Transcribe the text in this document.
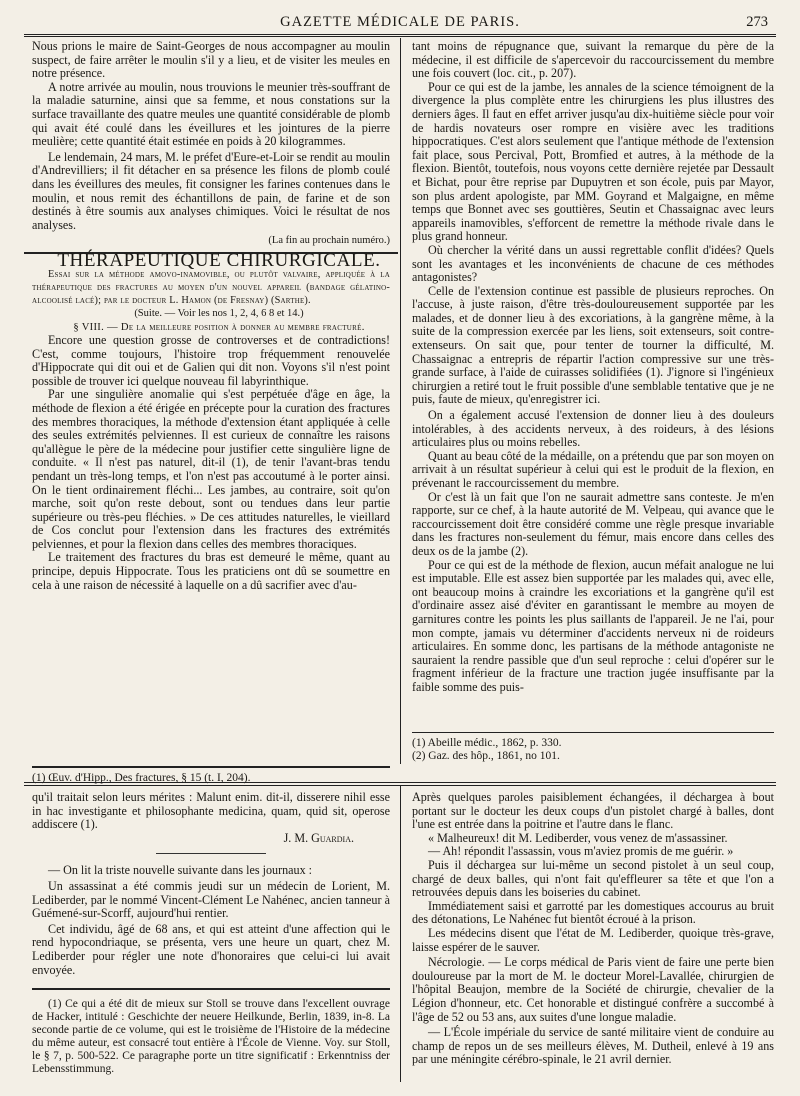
GAZETTE MÉDICALE DE PARIS.	273

Nous prions le maire de Saint-Georges de nous accompagner au moulin suspect, de faire arrêter le moulin s'il y a lieu, et de visiter les meules en notre présence.

A notre arrivée au moulin, nous trouvions le meunier très-souffrant de la maladie saturnine, ainsi que sa femme, et nous constations sur la surface travaillante des quatre meules une quantité considérable de plomb qui avait été coulé dans les éveillures et les jointures de la pierre meulière; cette quantité était estimée en poids à 20 kilogrammes.

Le lendemain, 24 mars, M. le préfet d'Eure-et-Loir se rendit au moulin d'Andrevilliers; il fit détacher en sa présence les filons de plomb coulé dans les éveillures des meules, fit consigner les farines contenues dans le moulin, et nous remit des échantillons de pain, de farine et de son destinés à être soumis aux analyses chimiques. Voici le résultat de nos analyses.

(La fin au prochain numéro.)

THÉRAPEUTIQUE CHIRURGICALE.

Essai sur la méthode amovo-inamovible, ou plutôt valvaire, appliquée à la thérapeutique des fractures au moyen d'un nouvel appareil (bandage gélatino-alcoolisé lacé); par le docteur L. Hamon (de Fresnay) (Sarthe).

(Suite. — Voir les nos 1, 2, 4, 6 8 et 14.)

§ VIII. — De la meilleure position à donner au membre fracturé.

Encore une question grosse de controverses et de contradictions! C'est, comme toujours, l'histoire trop fréquemment renouvelée d'Hippocrate qui dit oui et de Galien qui dit non. Voyons s'il n'est point possible de trouver ici quelque nouveau fil labyrinthique.

Par une singulière anomalie qui s'est perpétuée d'âge en âge, la méthode de flexion a été érigée en précepte pour la curation des fractures des membres thoraciques, la méthode d'extension étant appliquée à celle des seules extrémités pelviennes. Il est curieux de connaître les raisons qu'allègue le père de la médecine pour justifier cette singulière ligne de conduite. « Il n'est pas naturel, dit-il (1), de tenir l'avant-bras tendu pendant un très-long temps, et l'on n'est pas accoutumé à le porter ainsi. On le tient ordinairement fléchi... Les jambes, au contraire, soit qu'on marche, soit qu'on reste debout, sont ou tendues dans leur partie supérieure ou très-peu fléchies. » De ces attitudes naturelles, le vieillard de Cos conclut pour l'extension dans les fractures des extrémités pelviennes, et pour la flexion dans celles des membres thoraciques.

Le traitement des fractures du bras est demeuré le même, quant au principe, depuis Hippocrate. Tous les praticiens ont dû se soumettre en cela à une raison de nécessité à laquelle on a dû sacrifier avec d'au-

tant moins de répugnance que, suivant la remarque du père de la médecine, il est difficile de s'apercevoir du raccourcissement du membre une fois couvert (loc. cit., p. 207).

Pour ce qui est de la jambe, les annales de la science témoignent de la divergence la plus complète entre les chirurgiens les plus illustres des derniers âges. Il faut en effet arriver jusqu'au dix-huitième siècle pour voir de hardis novateurs oser rompre en visière avec les traditions hippocratiques. C'est alors seulement que l'antique méthode de l'extension fait place, sous Percival, Pott, Bromfied et autres, à la méthode de la flexion. Bientôt, toutefois, nous voyons cette dernière rejetée par Dessault et Bichat, pour être reprise par Dupuytren et son école, puis par Mayor, son plus ardent apologiste, par MM. Goyrand et Malgaigne, en même temps que Bonnet avec ses gouttières, Seutin et Chassaignac avec leurs appareils inamovibles, s'efforcent de remettre la méthode rivale dans le plus grand honneur.

Où chercher la vérité dans un aussi regrettable conflit d'idées? Quels sont les avantages et les inconvénients de chacune de ces méthodes antagonistes?

Celle de l'extension continue est passible de plusieurs reproches. On l'accuse, à juste raison, d'être très-douloureusement supportée par les malades, et de donner lieu à des excoriations, à la gangrène même, à la suite de la compression exercée par les liens, soit extenseurs, soit contre-extenseurs. On sait que, pour tenter de tourner la difficulté, M. Chassaignac a entrepris de répartir l'action compressive sur une très-grande surface, à l'aide de cuirasses solidifiées (1). J'ignore si l'ingénieux chirurgien a retiré tout le fruit possible d'une semblable tentative que je ne puis, faute de mieux, qu'enregistrer ici.

On a également accusé l'extension de donner lieu à des douleurs intolérables, à des accidents nerveux, à des roideurs, à des lésions articulaires plus ou moins rebelles.

Quant au beau côté de la médaille, on a prétendu que par son moyen on arrivait à un résultat supérieur à celui qui est le produit de la flexion, en prévenant le raccourcissement du membre.

Or c'est là un fait que l'on ne saurait admettre sans conteste. Je m'en rapporte, sur ce chef, à la haute autorité de M. Velpeau, qui avance que le raccourcissement doit être considéré comme une règle presque invariable dans les fractures non-seulement du fémur, mais encore dans celles des deux os de la jambe (2).

Pour ce qui est de la méthode de flexion, aucun méfait analogue ne lui est imputable. Elle est assez bien supportée par les malades qui, avec elle, ont beaucoup moins à craindre les excoriations et la gangrène qu'il est d'ordinaire assez aisé d'éviter en garantissant le membre au moyen de garnitures contre les points les plus saillants de l'appareil. Je ne l'ai, pour mon compte, jamais vu déterminer d'accidents nerveux ni de roideurs articulaires. En somme donc, les partisans de la méthode antagoniste ne sauraient la rendre passible que d'un seul reproche : celui d'opérer sur le fragment inférieur de la fracture une traction jugée insuffisante par la faible somme des puis-

(1) Œuv. d'Hipp., Des fractures, § 15 (t. I, 204).

(1) Abeille médic., 1862, p. 330.

(2) Gaz. des hôp., 1861, no 101.

qu'il traitait selon leurs mérites : Malunt enim. dit-il, disserere nihil esse in hac investigante et philosophante medicina, quam, quid sit, operose addiscere (1).

J. M. Guardia.

— On lit la triste nouvelle suivante dans les journaux :

Un assassinat a été commis jeudi sur un médecin de Lorient, M. Lediberder, par le nommé Vincent-Clément Le Nahénec, ancien tanneur à Guémené-sur-Scorff, aujourd'hui rentier.

Cet individu, âgé de 68 ans, et qui est atteint d'une affection qui le rend hypocondriaque, se présenta, vers une heure un quart, chez M. Lediberder pour régler une note d'honoraires que celui-ci lui avait envoyée.

(1) Ce qui a été dit de mieux sur Stoll se trouve dans l'excellent ouvrage de Hacker, intitulé : Geschichte der neuere Heilkunde, Berlin, 1839, in-8. La seconde partie de ce volume, qui est le troisième de l'Histoire de la médecine du même auteur, est consacré tout entière à l'École de Vienne. Voy. sur Stoll, le § 7, p. 500-522. Ce paragraphe porte un titre significatif : Erkenntniss der Lebensstimmung.

Après quelques paroles paisiblement échangées, il déchargea à bout portant sur le docteur les deux coups d'un pistolet chargé à balles, dont l'une est entrée dans la poitrine et l'autre dans le flanc.

« Malheureux! dit M. Lediberder, vous venez de m'assassiner.

— Ah! répondit l'assassin, vous m'aviez promis de me guérir. »

Puis il déchargea sur lui-même un second pistolet à un seul coup, chargé de deux balles, qui n'ont fait qu'effleurer sa tête et que l'on a retrouvées depuis dans les boiseries du cabinet.

Immédiatement saisi et garrotté par les domestiques accourus au bruit des détonations, Le Nahénec fut bientôt écroué à la prison.

Les médecins disent que l'état de M. Lediberder, quoique très-grave, laisse espérer de le sauver.

Nécrologie. — Le corps médical de Paris vient de faire une perte bien douloureuse par la mort de M. le docteur Morel-Lavallée, chirurgien de l'hôpital Beaujon, membre de la Société de chirurgie, chevalier de la Légion d'honneur, etc. Cet honorable et distingué confrère a succombé à l'âge de 52 ou 53 ans, aux suites d'une longue maladie.

— L'École impériale du service de santé militaire vient de conduire au champ de repos un de ses meilleurs élèves, M. Dutheil, enlevé à 19 ans par une méningite cérébro-spinale, le 21 avril dernier.
